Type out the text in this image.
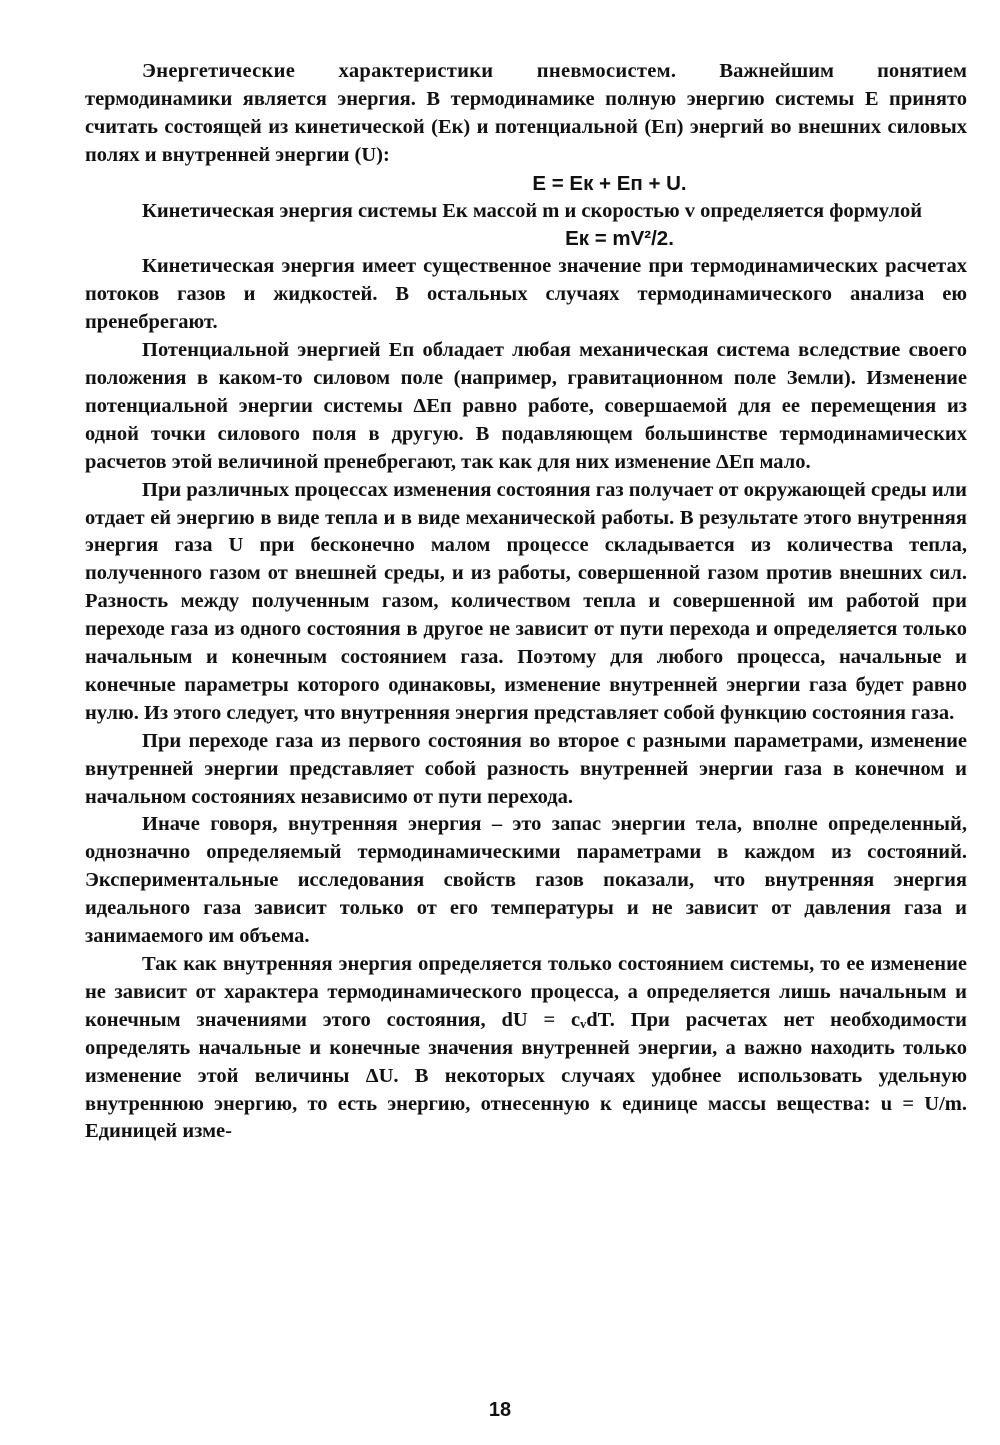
Энергетические характеристики пневмосистем. Важнейшим понятием термодинамики является энергия. В термодинамике полную энергию системы E принято считать состоящей из кинетической (Eк) и потенциальной (Eп) энергий во внешних силовых полях и внутренней энергии (U):

E = Eк + Eп + U.

Кинетическая энергия системы Eк массой m и скоростью v определяется формулой

Eк = mV²/2.

Кинетическая энергия имеет существенное значение при термодинамических расчетах потоков газов и жидкостей. В остальных случаях термодинамического анализа ею пренебрегают.

Потенциальной энергией Eп обладает любая механическая система вследствие своего положения в каком-то силовом поле (например, гравитационном поле Земли). Изменение потенциальной энергии системы ΔEп равно работе, совершаемой для ее перемещения из одной точки силового поля в другую. В подавляющем большинстве термодинамических расчетов этой величиной пренебрегают, так как для них изменение ΔEп мало.

При различных процессах изменения состояния газ получает от окружающей среды или отдает ей энергию в виде тепла и в виде механической работы. В результате этого внутренняя энергия газа U при бесконечно малом процессе складывается из количества тепла, полученного газом от внешней среды, и из работы, совершенной газом против внешних сил. Разность между полученным газом, количеством тепла и совершенной им работой при переходе газа из одного состояния в другое не зависит от пути перехода и определяется только начальным и конечным состоянием газа. Поэтому для любого процесса, начальные и конечные параметры которого одинаковы, изменение внутренней энергии газа будет равно нулю. Из этого следует, что внутренняя энергия представляет собой функцию состояния газа.

При переходе газа из первого состояния во второе с разными параметрами, изменение внутренней энергии представляет собой разность внутренней энергии газа в конечном и начальном состояниях независимо от пути перехода.

Иначе говоря, внутренняя энергия – это запас энергии тела, вполне определенный, однозначно определяемый термодинамическими параметрами в каждом из состояний. Экспериментальные исследования свойств газов показали, что внутренняя энергия идеального газа зависит только от его температуры и не зависит от давления газа и занимаемого им объема.

Так как внутренняя энергия определяется только состоянием системы, то ее изменение не зависит от характера термодинамического процесса, а определяется лишь начальным и конечным значениями этого состояния, dU = cᵥdT. При расчетах нет необходимости определять начальные и конечные значения внутренней энергии, а важно находить только изменение этой величины ΔU. В некоторых случаях удобнее использовать удельную внутреннюю энергию, то есть энергию, отнесенную к единице массы вещества: u = U/m. Единицей изме-

18
